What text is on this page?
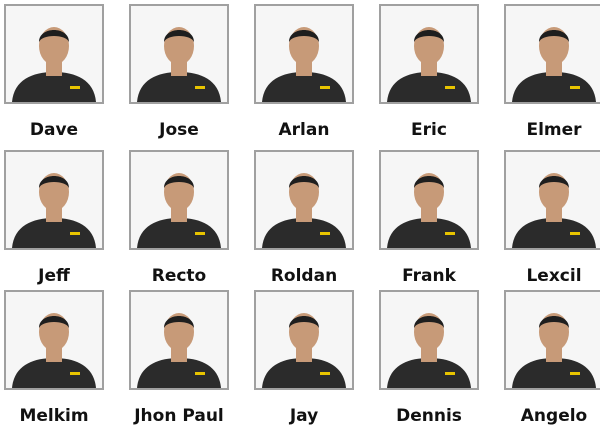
Dave	Jose	Arlan	Eric	Elmer
Jeff	Recto	Roldan	Frank	Lexcil
Melkim	Jhon Paul	Jay	Dennis	Angelo
